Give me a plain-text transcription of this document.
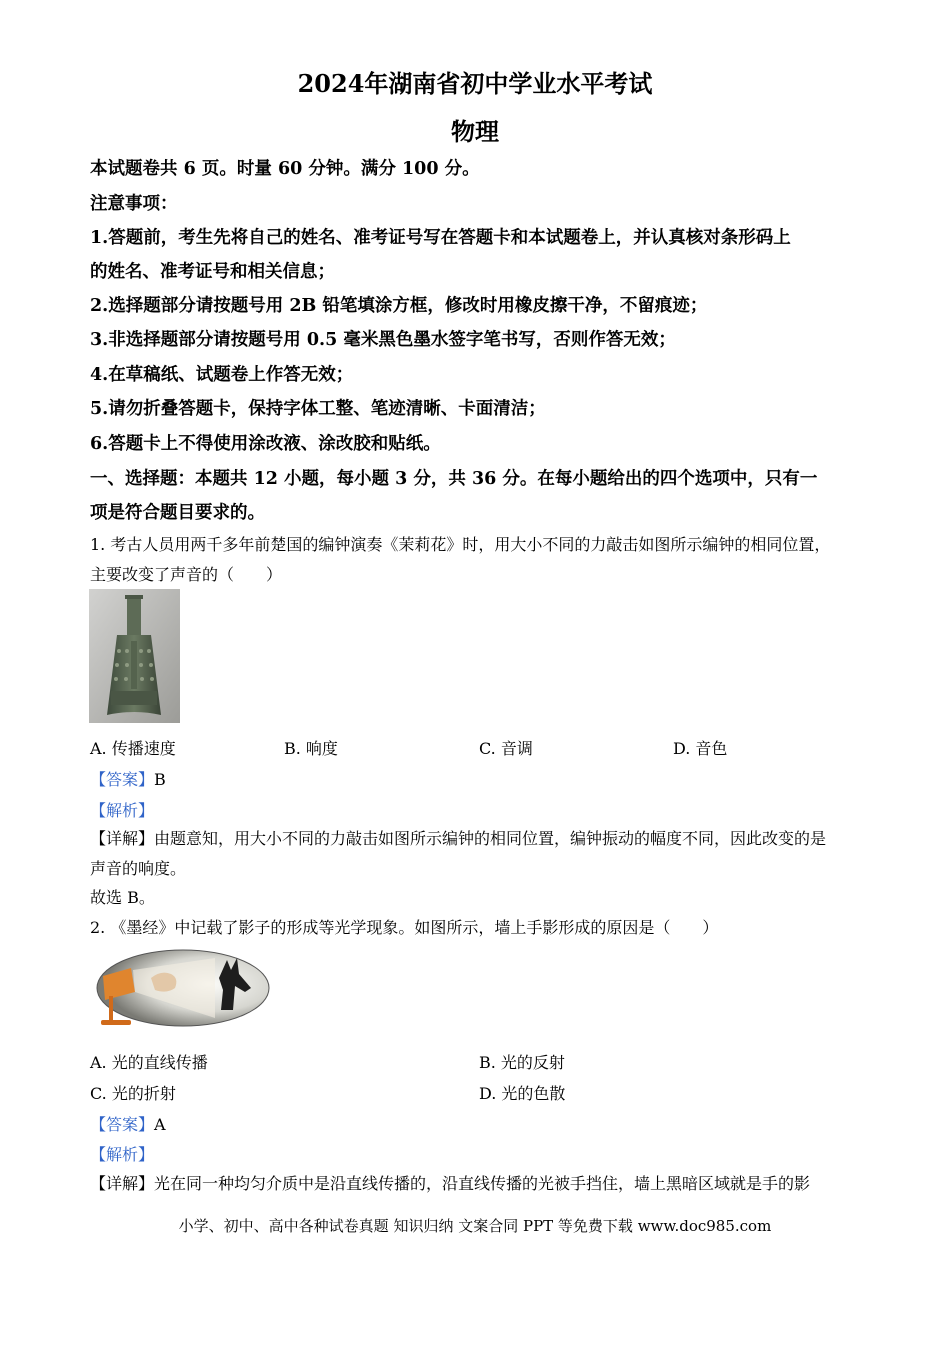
2024年湖南省初中学业水平考试
物理
本试题卷共 6 页。时量 60 分钟。满分 100 分。
注意事项：
1.答题前，考生先将自己的姓名、准考证号写在答题卡和本试题卷上，并认真核对条形码上
的姓名、准考证号和相关信息；
2.选择题部分请按题号用 2B 铅笔填涂方框，修改时用橡皮擦干净，不留痕迹；
3.非选择题部分请按题号用 0.5 毫米黑色墨水签字笔书写，否则作答无效；
4.在草稿纸、试题卷上作答无效；
5.请勿折叠答题卡，保持字体工整、笔迹清晰、卡面清洁；
6.答题卡上不得使用涂改液、涂改胶和贴纸。
一、选择题：本题共 12 小题，每小题 3 分，共 36 分。在每小题给出的四个选项中，只有一
项是符合题目要求的。
1. 考古人员用两千多年前楚国的编钟演奏《茉莉花》时，用大小不同的力敲击如图所示编钟的相同位置，
主要改变了声音的（　　）
A. 传播速度	B. 响度	C. 音调	D. 音色
【答案】B
【解析】
【详解】由题意知，用大小不同的力敲击如图所示编钟的相同位置，编钟振动的幅度不同，因此改变的是
声音的响度。
故选 B。
2. 《墨经》中记载了影子的形成等光学现象。如图所示，墙上手影形成的原因是（　　）
A. 光的直线传播	B. 光的反射
C. 光的折射	D. 光的色散
【答案】A
【解析】
【详解】光在同一种均匀介质中是沿直线传播的，沿直线传播的光被手挡住，墙上黑暗区域就是手的影
小学、初中、高中各种试卷真题 知识归纳 文案合同 PPT 等免费下载 www.doc985.com
